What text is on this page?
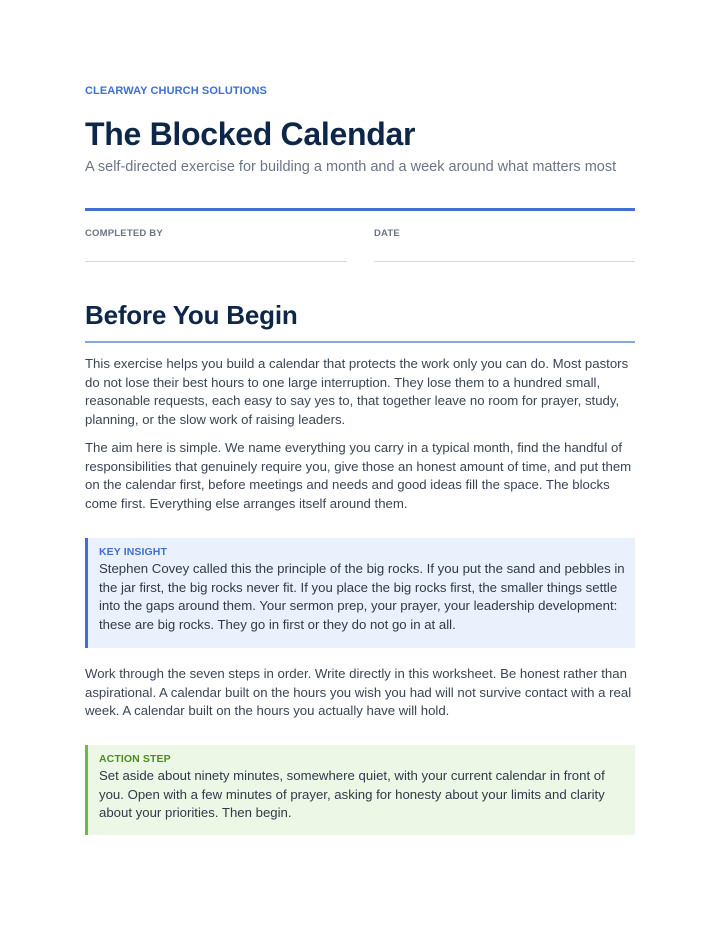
CLEARWAY CHURCH SOLUTIONS
The Blocked Calendar

A self-directed exercise for building a month and a week around what matters most

COMPLETED BY	DATE
Before You Begin

This exercise helps you build a calendar that protects the work only you can do. Most pastors do not lose their best hours to one large interruption. They lose them to a hundred small, reasonable requests, each easy to say yes to, that together leave no room for prayer, study, planning, or the slow work of raising leaders.

The aim here is simple. We name everything you carry in a typical month, find the handful of responsibilities that genuinely require you, give those an honest amount of time, and put them on the calendar first, before meetings and needs and good ideas fill the space. The blocks come first. Everything else arranges itself around them.

KEY INSIGHT
Stephen Covey called this the principle of the big rocks. If you put the sand and pebbles in the jar first, the big rocks never fit. If you place the big rocks first, the smaller things settle into the gaps around them. Your sermon prep, your prayer, your leadership development: these are big rocks. They go in first or they do not go in at all.

Work through the seven steps in order. Write directly in this worksheet. Be honest rather than aspirational. A calendar built on the hours you wish you had will not survive contact with a real week. A calendar built on the hours you actually have will hold.

ACTION STEP
Set aside about ninety minutes, somewhere quiet, with your current calendar in front of you. Open with a few minutes of prayer, asking for honesty about your limits and clarity about your priorities. Then begin.
